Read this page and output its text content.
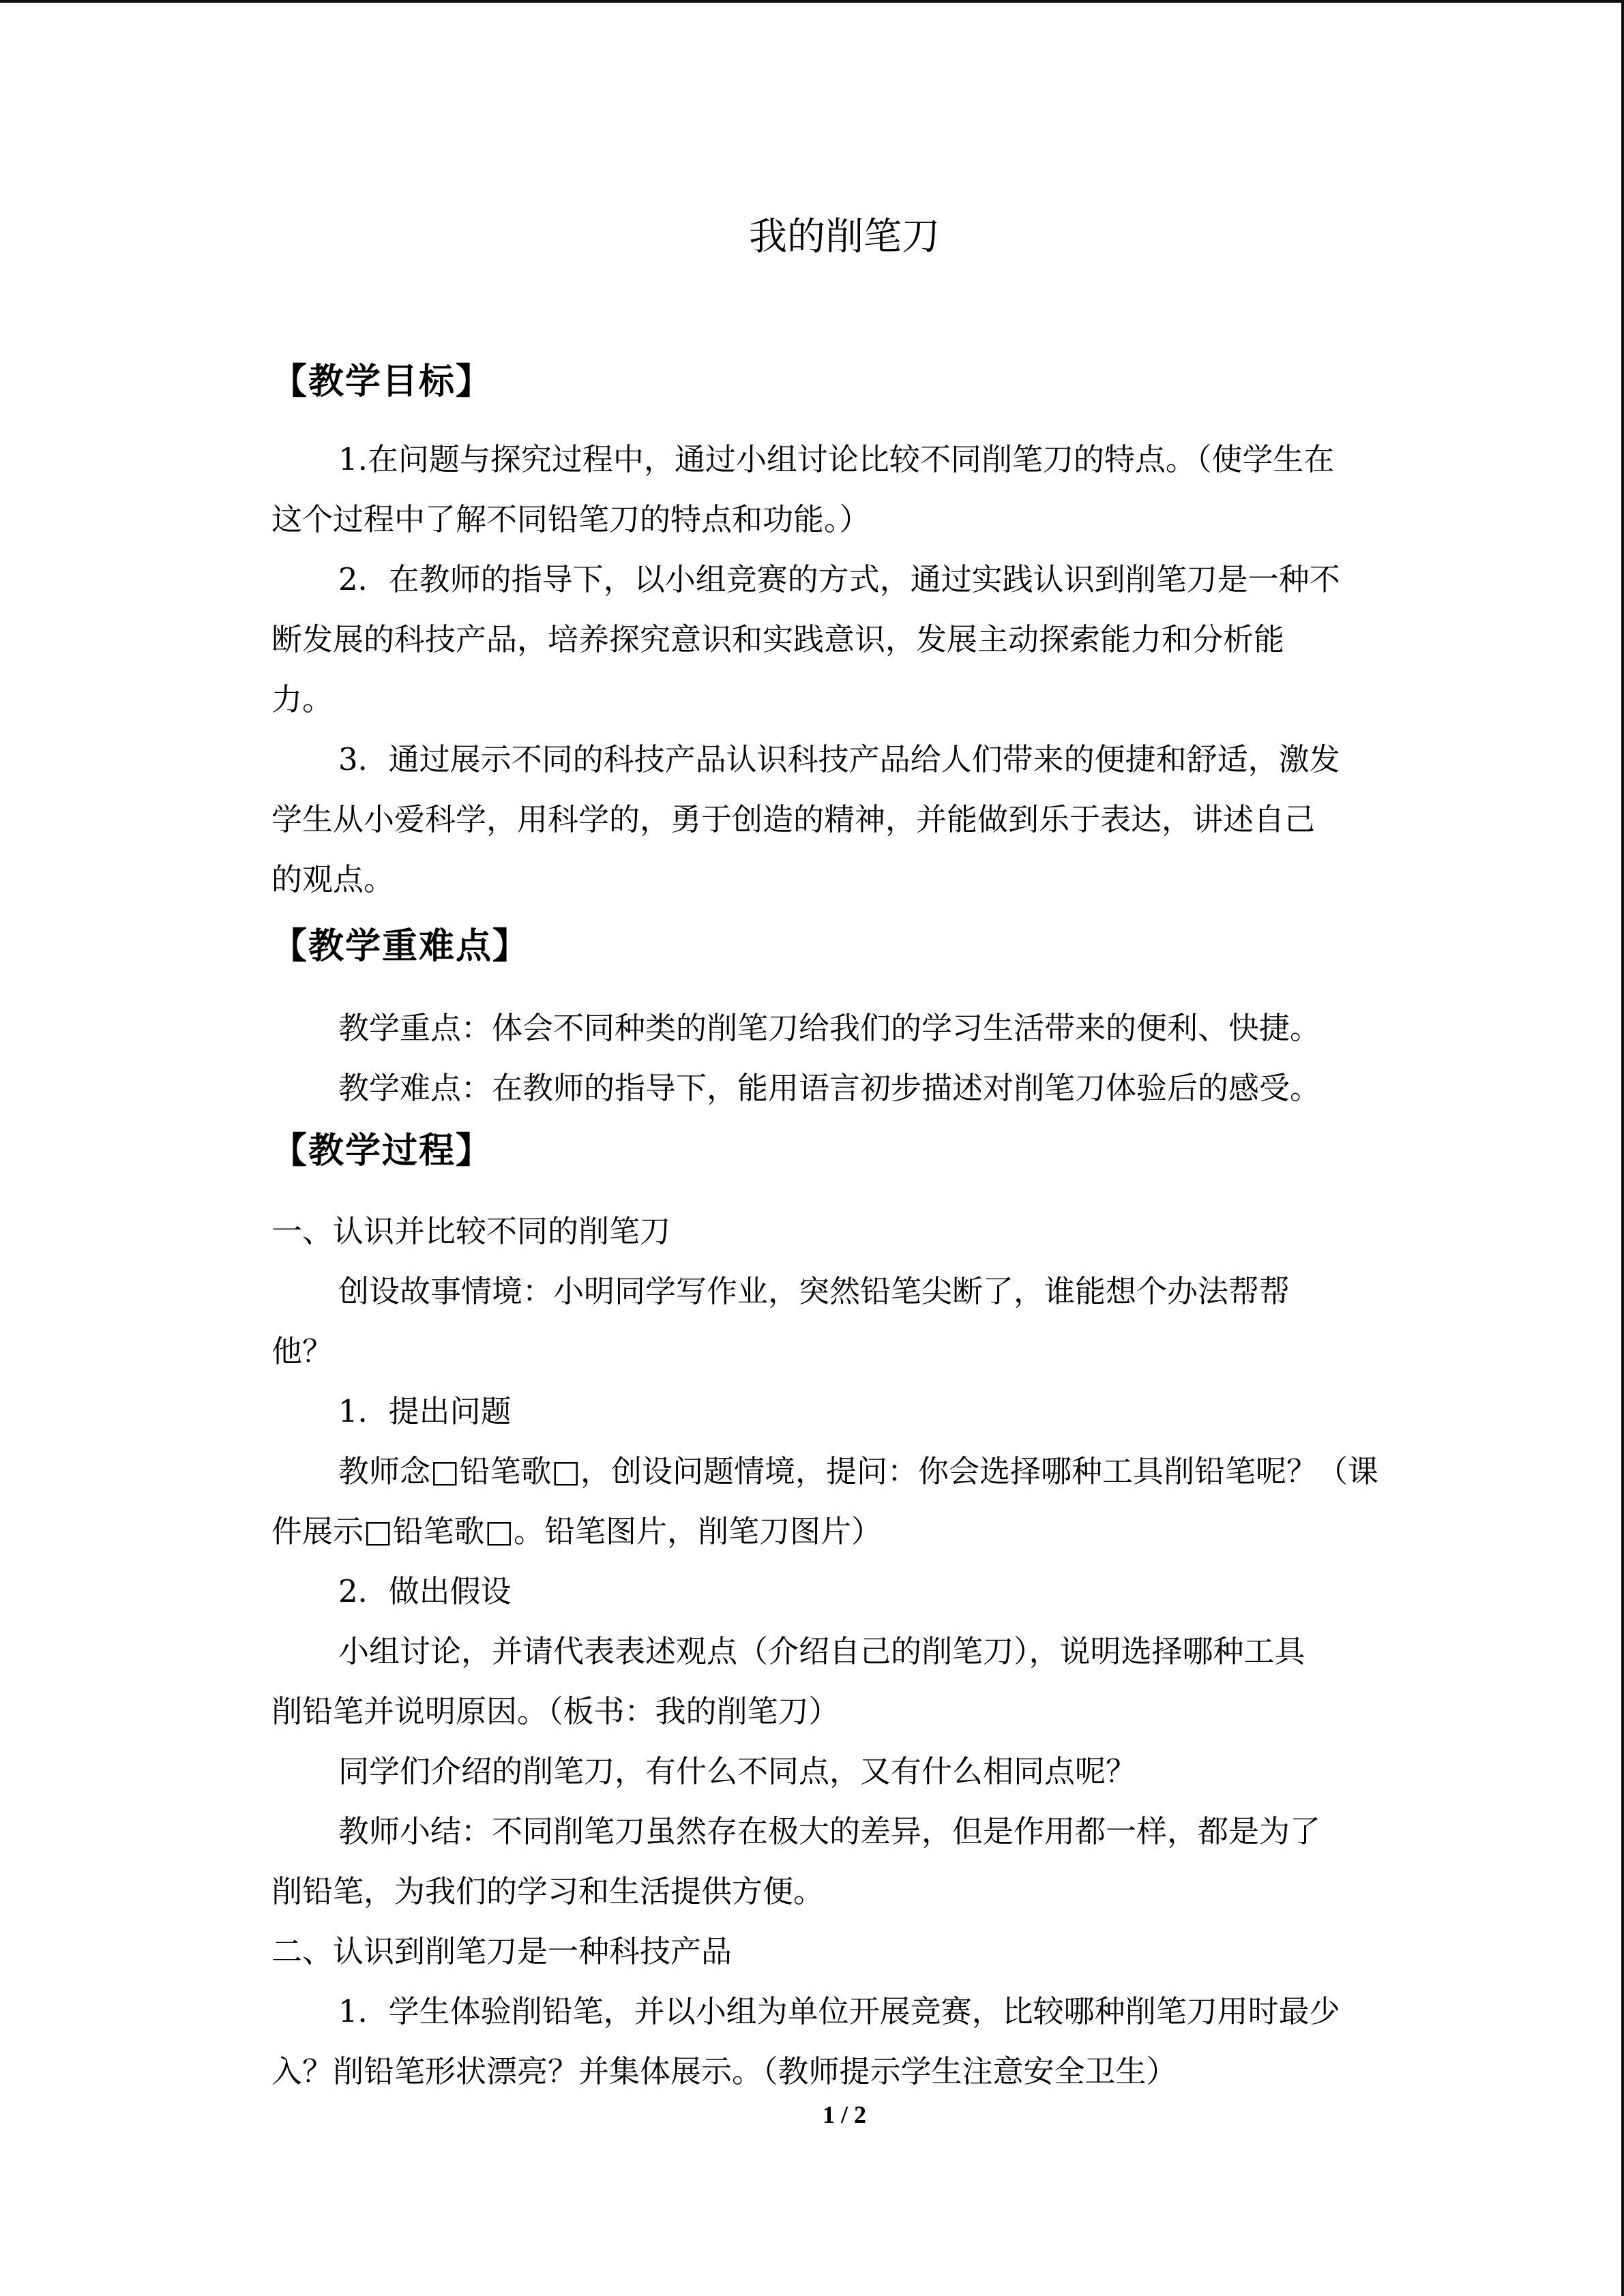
我的削笔刀
【教学目标】
1.在问题与探究过程中，通过小组讨论比较不同削笔刀的特点。（使学生在
这个过程中了解不同铅笔刀的特点和功能。）
2．在教师的指导下，以小组竞赛的方式，通过实践认识到削笔刀是一种不
断发展的科技产品，培养探究意识和实践意识，发展主动探索能力和分析能
力。
3．通过展示不同的科技产品认识科技产品给人们带来的便捷和舒适，激发
学生从小爱科学，用科学的，勇于创造的精神，并能做到乐于表达，讲述自己
的观点。
【教学重难点】
教学重点：体会不同种类的削笔刀给我们的学习生活带来的便利、快捷。
教学难点：在教师的指导下，能用语言初步描述对削笔刀体验后的感受。
【教学过程】
一、认识并比较不同的削笔刀
创设故事情境：小明同学写作业，突然铅笔尖断了，谁能想个办法帮帮
他？
1．提出问题
教师念□铅笔歌□，创设问题情境，提问：你会选择哪种工具削铅笔呢？（课
件展示□铅笔歌□。铅笔图片，削笔刀图片）
2．做出假设
小组讨论，并请代表表述观点（介绍自己的削笔刀），说明选择哪种工具
削铅笔并说明原因。（板书：我的削笔刀）
同学们介绍的削笔刀，有什么不同点，又有什么相同点呢？
教师小结：不同削笔刀虽然存在极大的差异，但是作用都一样，都是为了
削铅笔，为我们的学习和生活提供方便。
二、认识到削笔刀是一种科技产品
1．学生体验削铅笔，并以小组为单位开展竞赛，比较哪种削笔刀用时最少
入？削铅笔形状漂亮？并集体展示。（教师提示学生注意安全卫生）
1 / 2
